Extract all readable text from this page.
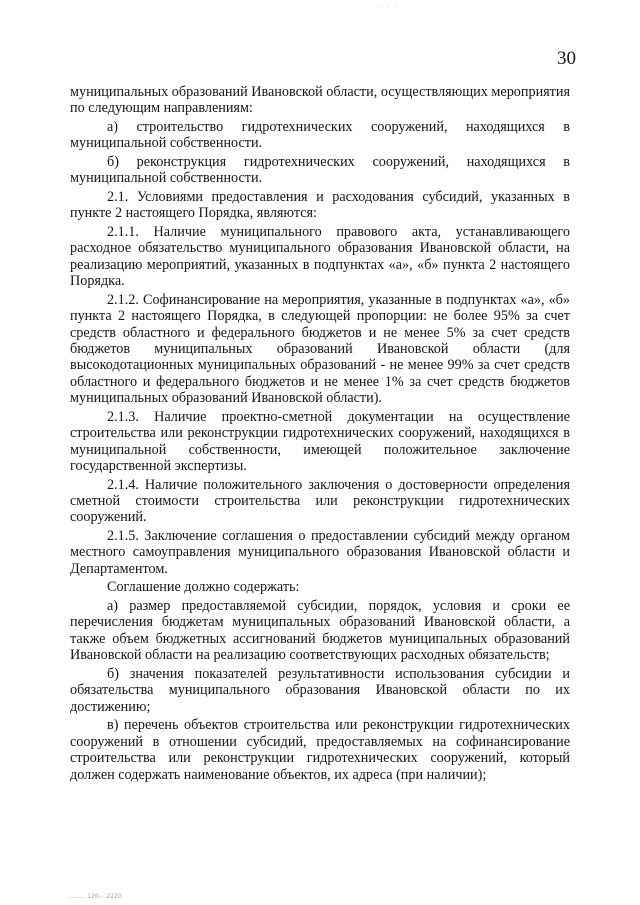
· · ·
30

муниципальных образований Ивановской области, осуществляющих мероприятия по следующим направлениям:

а) строительство гидротехнических сооружений, находящихся в муниципальной собственности.

б) реконструкция гидротехнических сооружений, находящихся в муниципальной собственности.

2.1. Условиями предоставления и расходования субсидий, указанных в пункте 2 настоящего Порядка, являются:

2.1.1. Наличие муниципального правового акта, устанавливающего расходное обязательство муниципального образования Ивановской области, на реализацию мероприятий, указанных в подпунктах «а», «б» пункта 2 настоящего Порядка.

2.1.2. Софинансирование на мероприятия, указанные в подпунктах «а», «б» пункта 2 настоящего Порядка, в следующей пропорции: не более 95% за счет средств областного и федерального бюджетов и не менее 5% за счет средств бюджетов муниципальных образований Ивановской области (для высокодотационных муниципальных образований - не менее 99% за счет средств областного и федерального бюджетов и не менее 1% за счет средств бюджетов муниципальных образований Ивановской области).

2.1.3. Наличие проектно-сметной документации на осуществление строительства или реконструкции гидротехнических сооружений, находящихся в муниципальной собственности, имеющей положительное заключение государственной экспертизы.

2.1.4. Наличие положительного заключения о достоверности определения сметной стоимости строительства или реконструкции гидротехнических сооружений.

2.1.5. Заключение соглашения о предоставлении субсидий между органом местного самоуправления муниципального образования Ивановской области и Департаментом.

Соглашение должно содержать:

а) размер предоставляемой субсидии, порядок, условия и сроки ее перечисления бюджетам муниципальных образований Ивановской области, а также объем бюджетных ассигнований бюджетов муниципальных образований Ивановской области на реализацию соответствующих расходных обязательств;

б) значения показателей результативности использования субсидии и обязательства муниципального образования Ивановской области по их достижению;

в) перечень объектов строительства или реконструкции гидротехнических сооружений в отношении субсидий, предоставляемых на софинансирование строительства или реконструкции гидротехнических сооружений, который должен содержать наименование объектов, их адреса (при наличии);

......... 120-...2220
